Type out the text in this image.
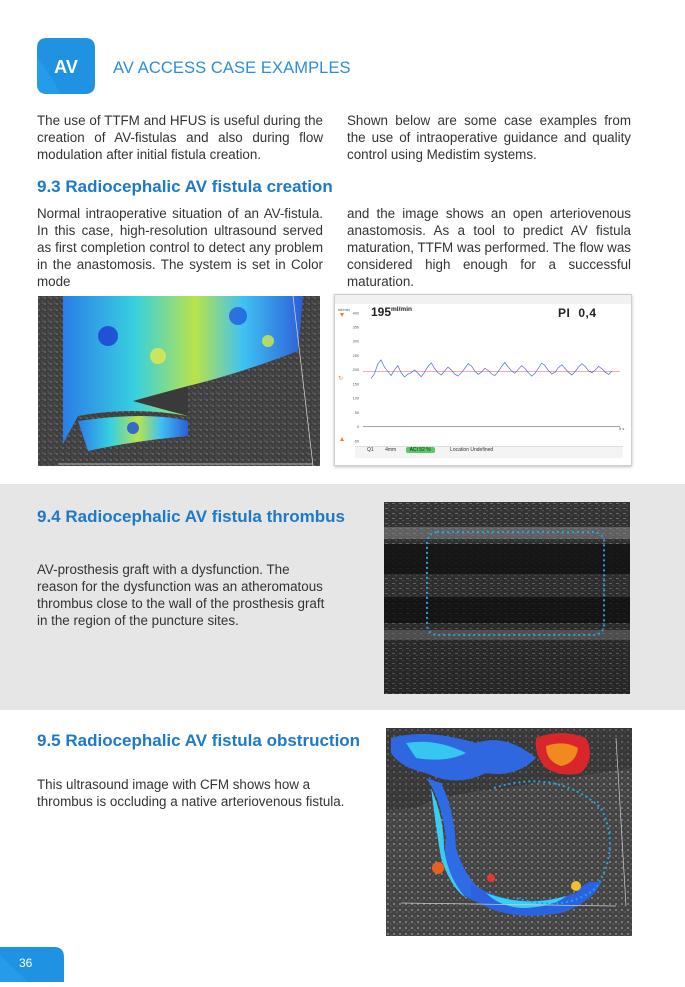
AV AV ACCESS CASE EXAMPLES
The use of TTFM and HFUS is useful during the creation of AV-fistulas and also during flow modulation after initial fistula creation.
Shown below are some case examples from the use of intraoperative guidance and quality control using Medistim systems.
9.3 Radiocephalic AV fistula creation
Normal intraoperative situation of an AV-fistula. In this case, high-resolution ultrasound served as first completion control to detect any problem in the anastomosis. The system is set in Color mode
and the image shows an open arteriovenous anastomosis. As a tool to predict AV fistula maturation, TTFM was performed. The flow was considered high enough for a successful maturation.
$195^{ml/min}$	PI 0,4
ml/min
↻
400
350
300
250
200
150
100
50
0
-50
5 s
Q1 4mm	ACI 52 %	Location Undefined
9.4 Radiocephalic AV fistula thrombus
AV-prosthesis graft with a dysfunction. The reason for the dysfunction was an atheromatous thrombus close to the wall of the prosthesis graft in the region of the puncture sites.
9.5 Radiocephalic AV fistula obstruction
This ultrasound image with CFM shows how a thrombus is occluding a native arteriovenous fistula.
36
